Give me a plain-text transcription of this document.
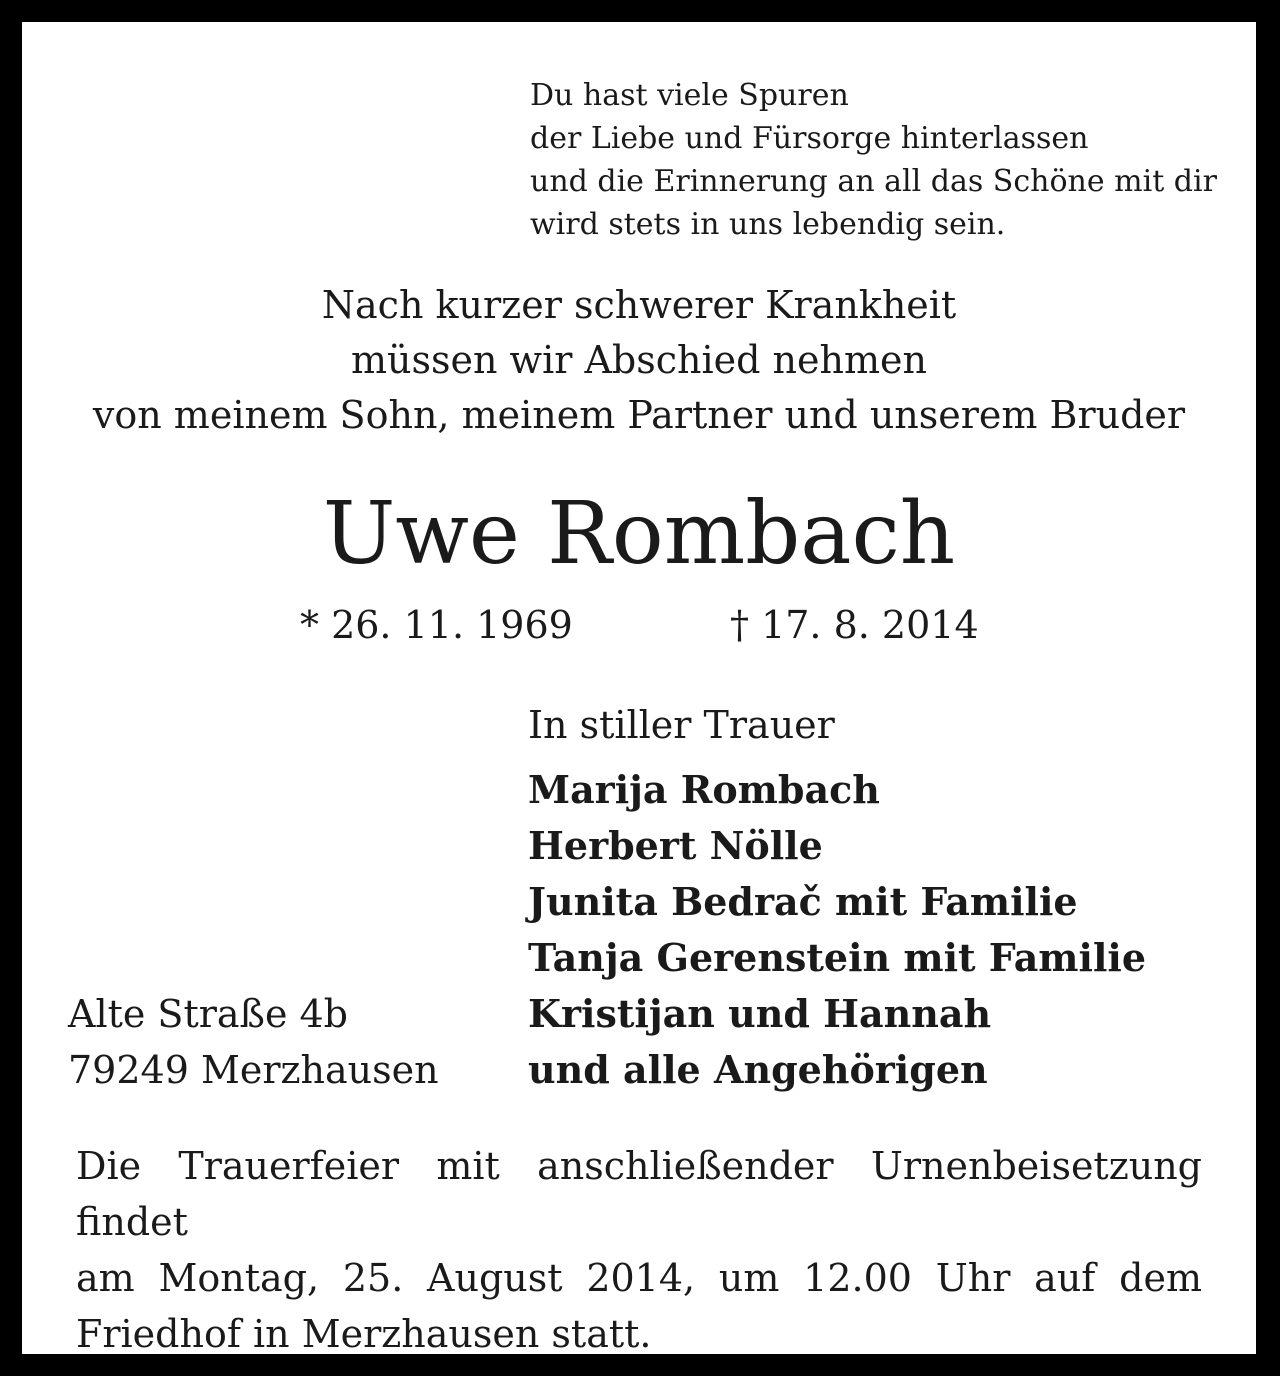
Du hast viele Spuren
der Liebe und Fürsorge hinterlassen
und die Erinnerung an all das Schöne mit dir
wird stets in uns lebendig sein.
Nach kurzer schwerer Krankheit
müssen wir Abschied nehmen
von meinem Sohn, meinem Partner und unserem Bruder
Uwe Rombach
* 26. 11. 1969	† 17. 8. 2014
In stiller Trauer
Marija Rombach
Herbert Nölle
Junita Bedrač mit Familie
Tanja Gerenstein mit Familie
Kristijan und Hannah
und alle Angehörigen
Alte Straße 4b
79249 Merzhausen
Die Trauerfeier mit anschließender Urnenbeisetzung findet
am Montag, 25. August 2014, um 12.00 Uhr auf dem
Friedhof in Merzhausen statt.
